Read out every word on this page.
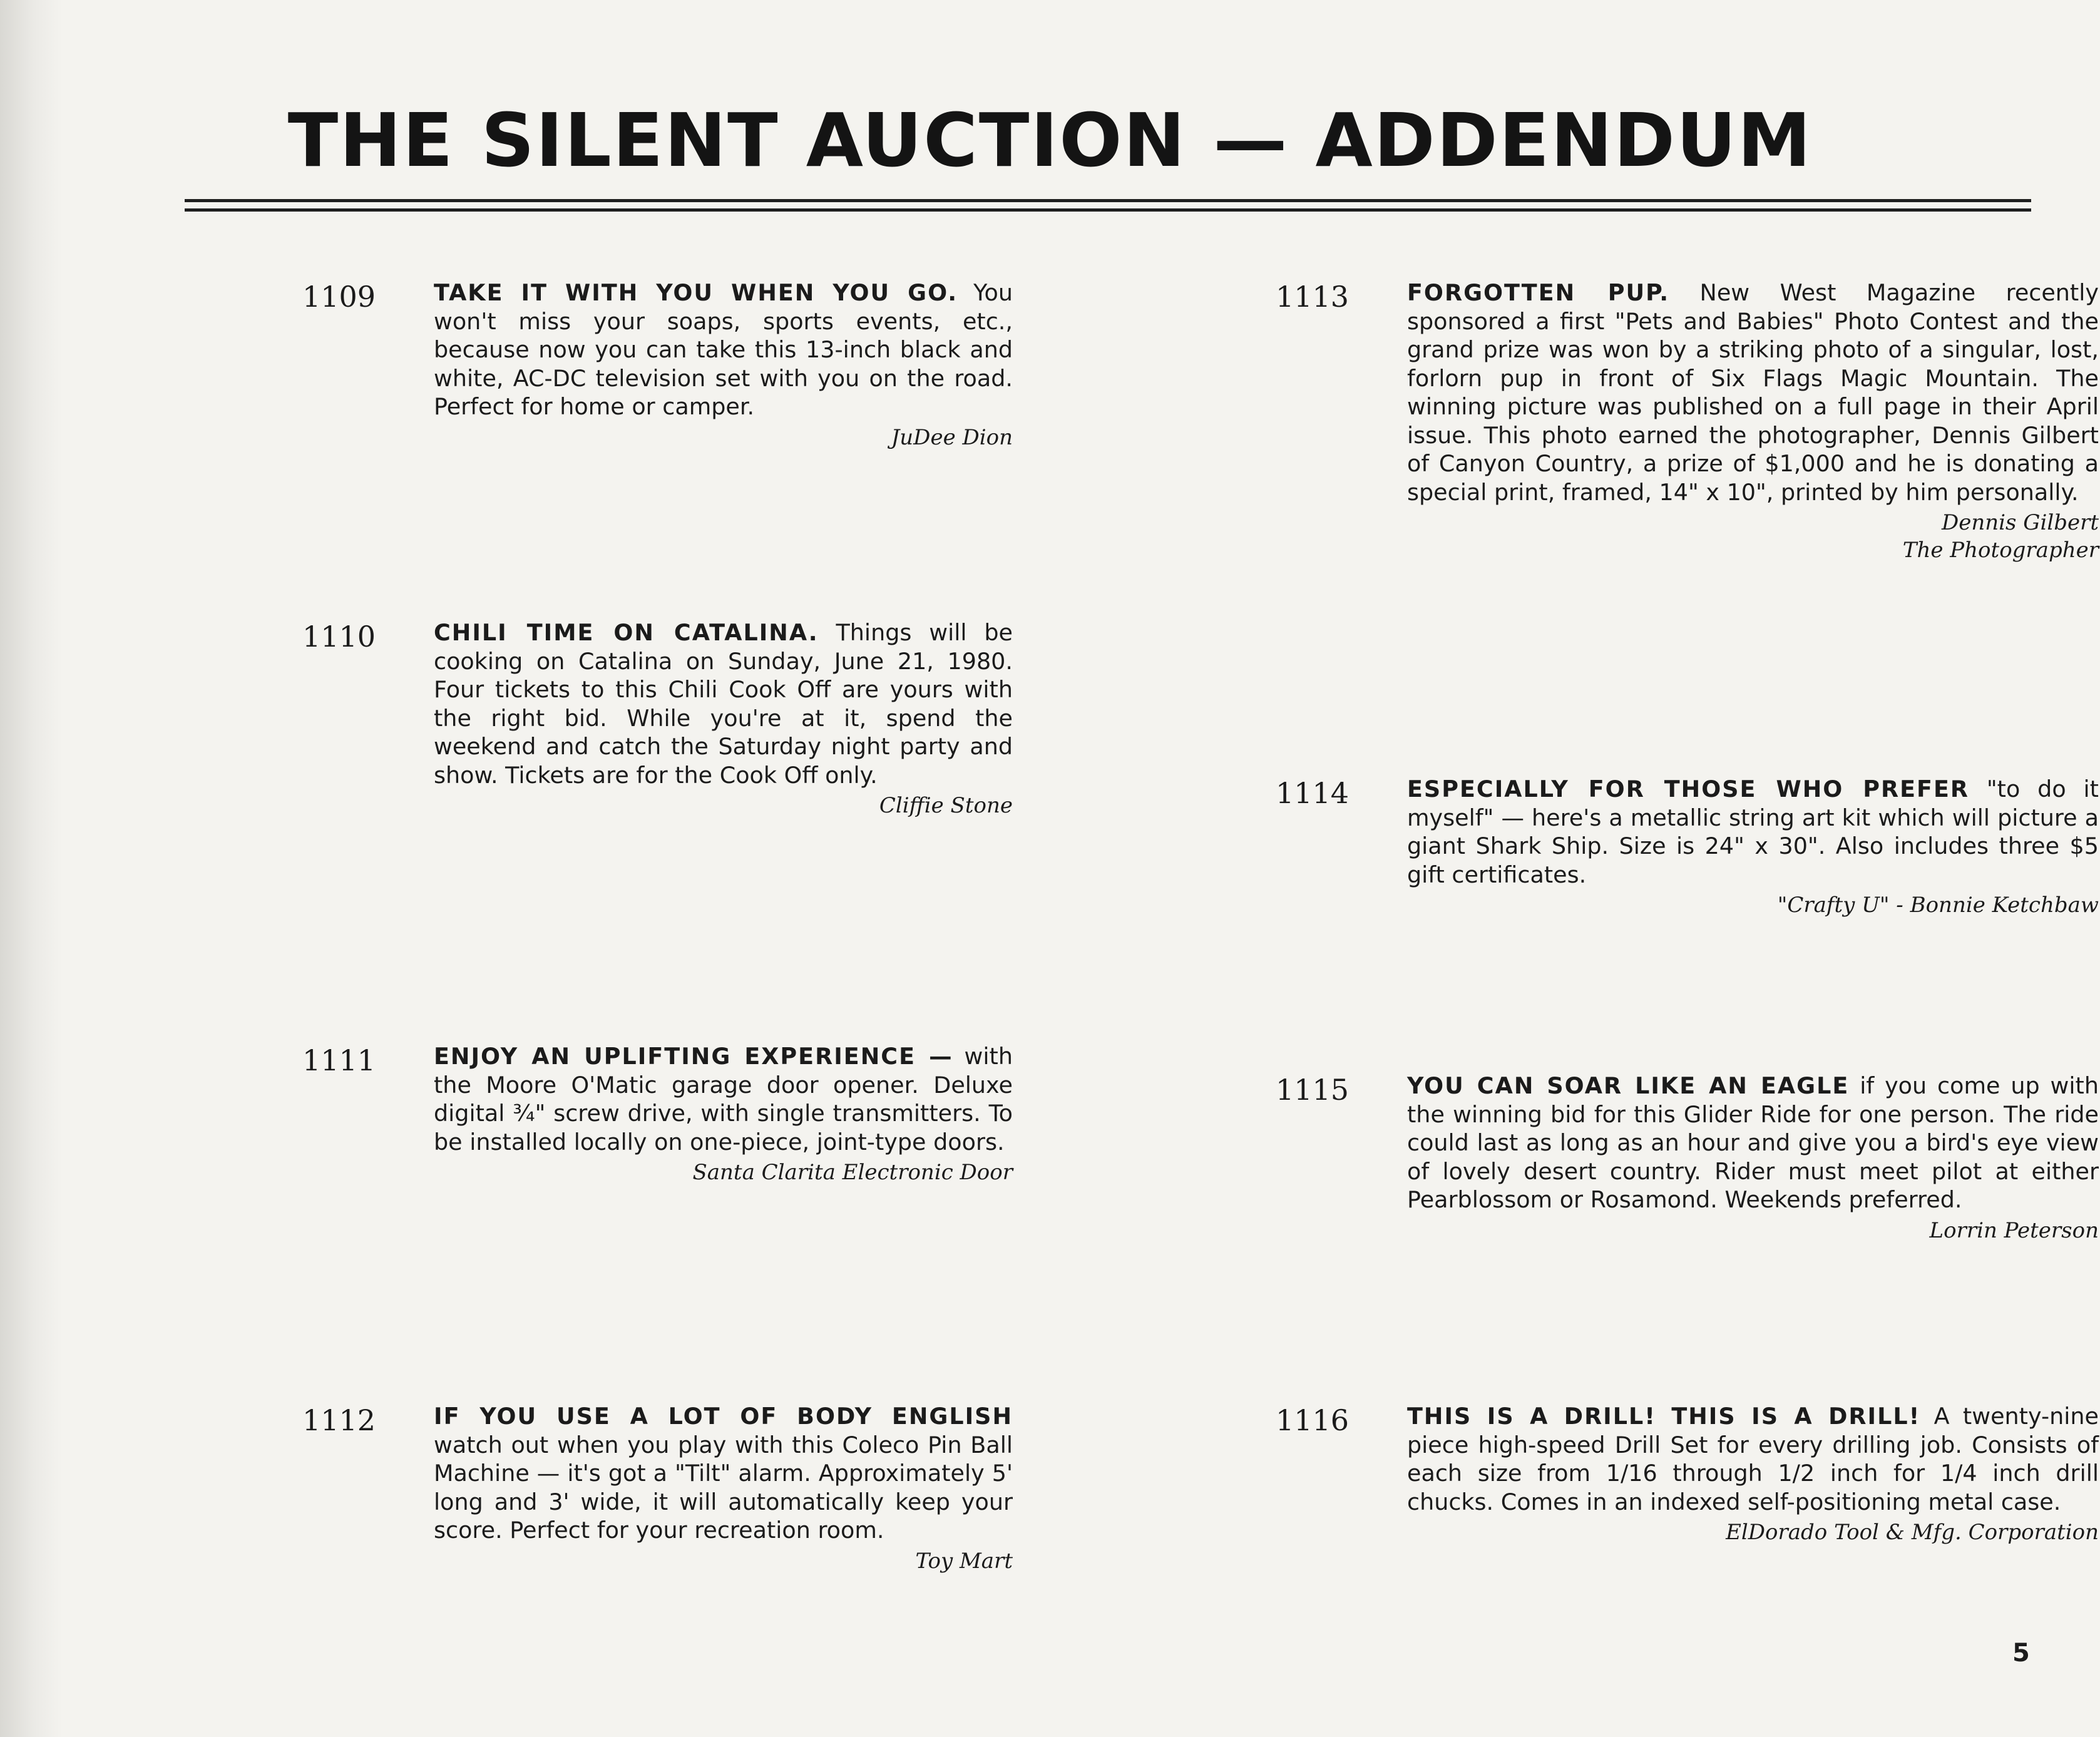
THE SILENT AUCTION — ADDENDUM
1109	TAKE IT WITH YOU WHEN YOU GO. You won't miss your soaps, sports events, etc., because now you can take this 13-inch black and white, AC-DC television set with you on the road. Perfect for home or camper.
JuDee Dion
1110	CHILI TIME ON CATALINA. Things will be cooking on Catalina on Sunday, June 21, 1980. Four tickets to this Chili Cook Off are yours with the right bid. While you're at it, spend the weekend and catch the Saturday night party and show. Tickets are for the Cook Off only.
Cliffie Stone
1111	ENJOY AN UPLIFTING EXPERIENCE — with the Moore O'Matic garage door opener. Deluxe digital ¾" screw drive, with single transmitters. To be installed locally on one-piece, joint-type doors.
Santa Clarita Electronic Door
1112	IF YOU USE A LOT OF BODY ENGLISH watch out when you play with this Coleco Pin Ball Machine — it's got a "Tilt" alarm. Approximately 5' long and 3' wide, it will automatically keep your score. Perfect for your recreation room.
Toy Mart
1113	FORGOTTEN PUP. New West Magazine recently sponsored a first "Pets and Babies" Photo Contest and the grand prize was won by a striking photo of a singular, lost, forlorn pup in front of Six Flags Magic Mountain. The winning picture was published on a full page in their April issue. This photo earned the photographer, Dennis Gilbert of Canyon Country, a prize of $1,000 and he is donating a special print, framed, 14" x 10", printed by him personally.
Dennis Gilbert
The Photographer
1114	ESPECIALLY FOR THOSE WHO PREFER "to do it myself" — here's a metallic string art kit which will picture a giant Shark Ship. Size is 24" x 30". Also includes three $5 gift certificates.
"Crafty U" - Bonnie Ketchbaw
1115	YOU CAN SOAR LIKE AN EAGLE if you come up with the winning bid for this Glider Ride for one person. The ride could last as long as an hour and give you a bird's eye view of lovely desert country. Rider must meet pilot at either Pearblossom or Rosamond. Weekends preferred.
Lorrin Peterson
1116	THIS IS A DRILL! THIS IS A DRILL! A twenty-nine piece high-speed Drill Set for every drilling job. Consists of each size from 1/16 through 1/2 inch for 1/4 inch drill chucks. Comes in an indexed self-positioning metal case.
ElDorado Tool & Mfg. Corporation
5
